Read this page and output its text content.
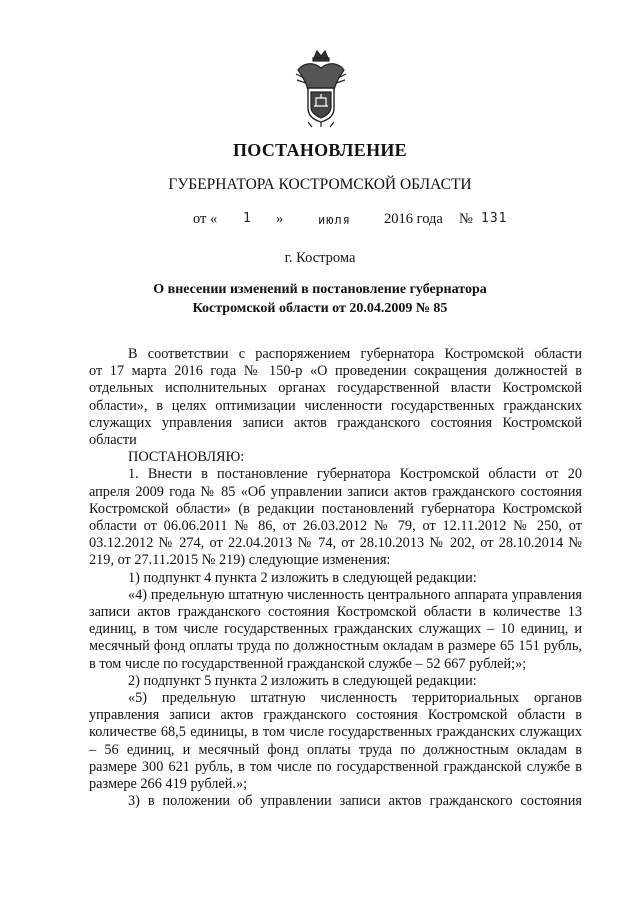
ПОСТАНОВЛЕНИЕ
ГУБЕРНАТОРА КОСТРОМСКОЙ ОБЛАСТИ
от « 1 »	июля 2016 года № 131
г. Кострома
О внесении изменений в постановление губернатора
Костромской области от 20.04.2009 № 85

В соответствии с распоряжением губернатора Костромской области

от 17 марта 2016 года № 150-р «О проведении сокращения должностей в отдельных исполнительных органах государственной власти Костромской области», в целях оптимизации численности государственных гражданских служащих управления записи актов гражданского состояния Костромской области

ПОСТАНОВЛЯЮ:

1. Внести в постановление губернатора Костромской области от 20 апреля 2009 года № 85 «Об управлении записи актов гражданского состояния Костромской области» (в редакции постановлений губернатора Костромской области от 06.06.2011 № 86, от 26.03.2012 № 79, от 12.11.2012 № 250, от 03.12.2012 № 274, от 22.04.2013 № 74, от 28.10.2013 № 202, от 28.10.2014 № 219, от 27.11.2015 № 219) следующие изменения:

1) подпункт 4 пункта 2 изложить в следующей редакции:

«4) предельную штатную численность центрального аппарата управления записи актов гражданского состояния Костромской области в количестве 13 единиц, в том числе государственных гражданских служащих – 10 единиц, и месячный фонд оплаты труда по должностным окладам в размере 65 151 рубль, в том числе по государственной гражданской службе – 52 667 рублей;»;

2) подпункт 5 пункта 2 изложить в следующей редакции:

«5) предельную штатную численность территориальных органов управления записи актов гражданского состояния Костромской области в количестве 68,5 единицы, в том числе государственных гражданских служащих – 56 единиц, и месячный фонд оплаты труда по должностным окладам в размере 300 621 рубль, в том числе по государственной гражданской службе в размере 266 419 рублей.»;

3) в положении об управлении записи актов гражданского состояния
